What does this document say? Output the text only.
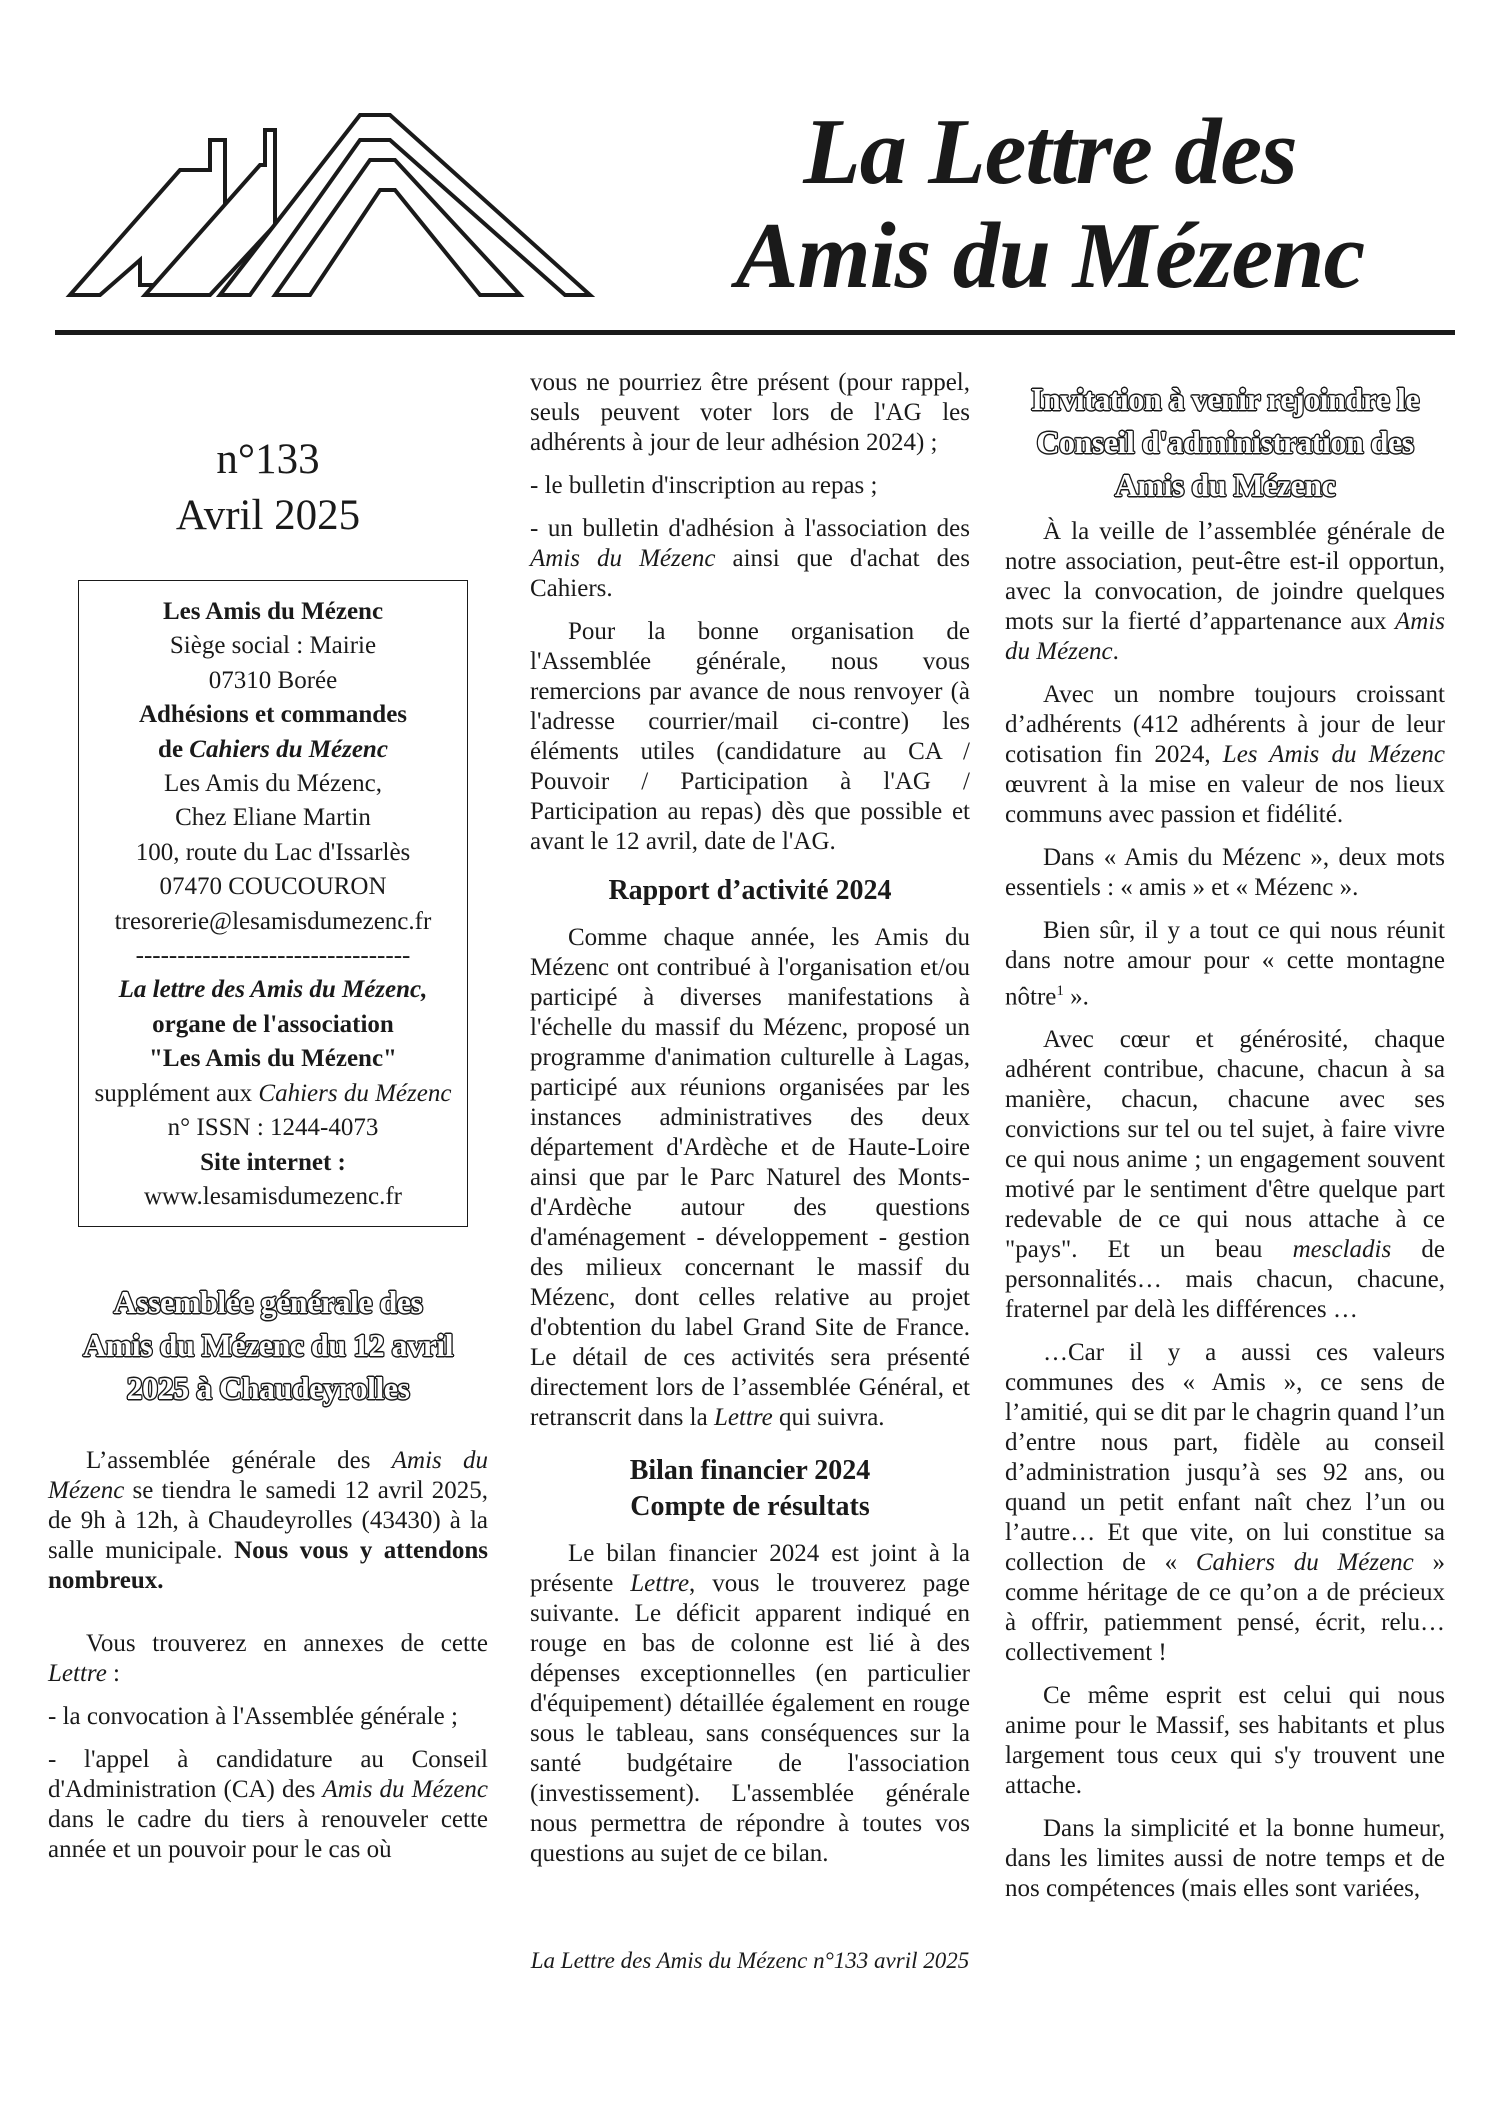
La Lettre des
Amis du Mézenc
n°133
Avril 2025
Les Amis du Mézenc
Siège social : Mairie
07310 Borée
Adhésions et commandes
de Cahiers du Mézenc
Les Amis du Mézenc,
Chez Eliane Martin
100, route du Lac d'Issarlès
07470 COUCOURON
tresorerie@lesamisdumezenc.fr
---------------------------------
La lettre des Amis du Mézenc,
organe de l'association
"Les Amis du Mézenc"
supplément aux Cahiers du Mézenc
n° ISSN : 1244-4073
Site internet :
www.lesamisdumezenc.fr
Assemblée générale des
Amis du Mézenc du 12 avril
2025 à Chaudeyrolles

L’assemblée générale des Amis du Mézenc se tiendra le samedi 12 avril 2025, de 9h à 12h, à Chaudeyrolles (43430) à la salle municipale. Nous vous y attendons nombreux.

Vous trouverez en annexes de cette Lettre :

- la convocation à l'Assemblée générale ;

- l'appel à candidature au Conseil d'Administration (CA) des Amis du Mézenc dans le cadre du tiers à renouveler cette année et un pouvoir pour le cas où

vous ne pourriez être présent (pour rappel, seuls peuvent voter lors de l'AG les adhérents à jour de leur adhésion 2024) ;

- le bulletin d'inscription au repas ;

- un bulletin d'adhésion à l'association des Amis du Mézenc ainsi que d'achat des Cahiers.

Pour la bonne organisation de l'Assemblée générale, nous vous remercions par avance de nous renvoyer (à l'adresse courrier/mail ci-contre) les éléments utiles (candidature au CA / Pouvoir / Participation à l'AG / Participation au repas) dès que possible et avant le 12 avril, date de l'AG.

Rapport d’activité 2024

Comme chaque année, les Amis du Mézenc ont contribué à l'organisation et/ou participé à diverses manifestations à l'échelle du massif du Mézenc, proposé un programme d'animation culturelle à Lagas, participé aux réunions organisées par les instances administratives des deux département d'Ardèche et de Haute-Loire ainsi que par le Parc Naturel des Monts-d'Ardèche autour des questions d'aménagement - développement - gestion des milieux concernant le massif du Mézenc, dont celles relative au projet d'obtention du label Grand Site de France. Le détail de ces activités sera présenté directement lors de l’assemblée Général, et retranscrit dans la Lettre qui suivra.

Bilan financier 2024
Compte de résultats

Le bilan financier 2024 est joint à la présente Lettre, vous le trouverez page suivante. Le déficit apparent indiqué en rouge en bas de colonne est lié à des dépenses exceptionnelles (en particulier d'équipement) détaillée également en rouge sous le tableau, sans conséquences sur la santé budgétaire de l'association (investissement). L'assemblée générale nous permettra de répondre à toutes vos questions au sujet de ce bilan.

Invitation à venir rejoindre le
Conseil d'administration des
Amis du Mézenc

À la veille de l’assemblée générale de notre association, peut-être est-il opportun, avec la convocation, de joindre quelques mots sur la fierté d’appartenance aux Amis du Mézenc.

Avec un nombre toujours croissant d’adhérents (412 adhérents à jour de leur cotisation fin 2024, Les Amis du Mézenc œuvrent à la mise en valeur de nos lieux communs avec passion et fidélité.

Dans « Amis du Mézenc », deux mots essentiels : « amis » et « Mézenc ».

Bien sûr, il y a tout ce qui nous réunit dans notre amour pour « cette montagne nôtre$^1$ ».

Avec cœur et générosité, chaque adhérent contribue, chacune, chacun à sa manière, chacun, chacune avec ses convictions sur tel ou tel sujet, à faire vivre ce qui nous anime ; un engagement souvent motivé par le sentiment d'être quelque part redevable de ce qui nous attache à ce "pays". Et un beau mescladis de personnalités… mais chacun, chacune, fraternel par delà les différences …

…Car il y a aussi ces valeurs communes des « Amis », ce sens de l’amitié, qui se dit par le chagrin quand l’un d’entre nous part, fidèle au conseil d’administration jusqu’à ses 92 ans, ou quand un petit enfant naît chez l’un ou l’autre… Et que vite, on lui constitue sa collection de « Cahiers du Mézenc » comme héritage de ce qu’on a de précieux à offrir, patiemment pensé, écrit, relu…collectivement !

Ce même esprit est celui qui nous anime pour le Massif, ses habitants et plus largement tous ceux qui s'y trouvent une attache.

Dans la simplicité et la bonne humeur, dans les limites aussi de notre temps et de nos compétences (mais elles sont variées,

La Lettre des Amis du Mézenc n°133 avril 2025
